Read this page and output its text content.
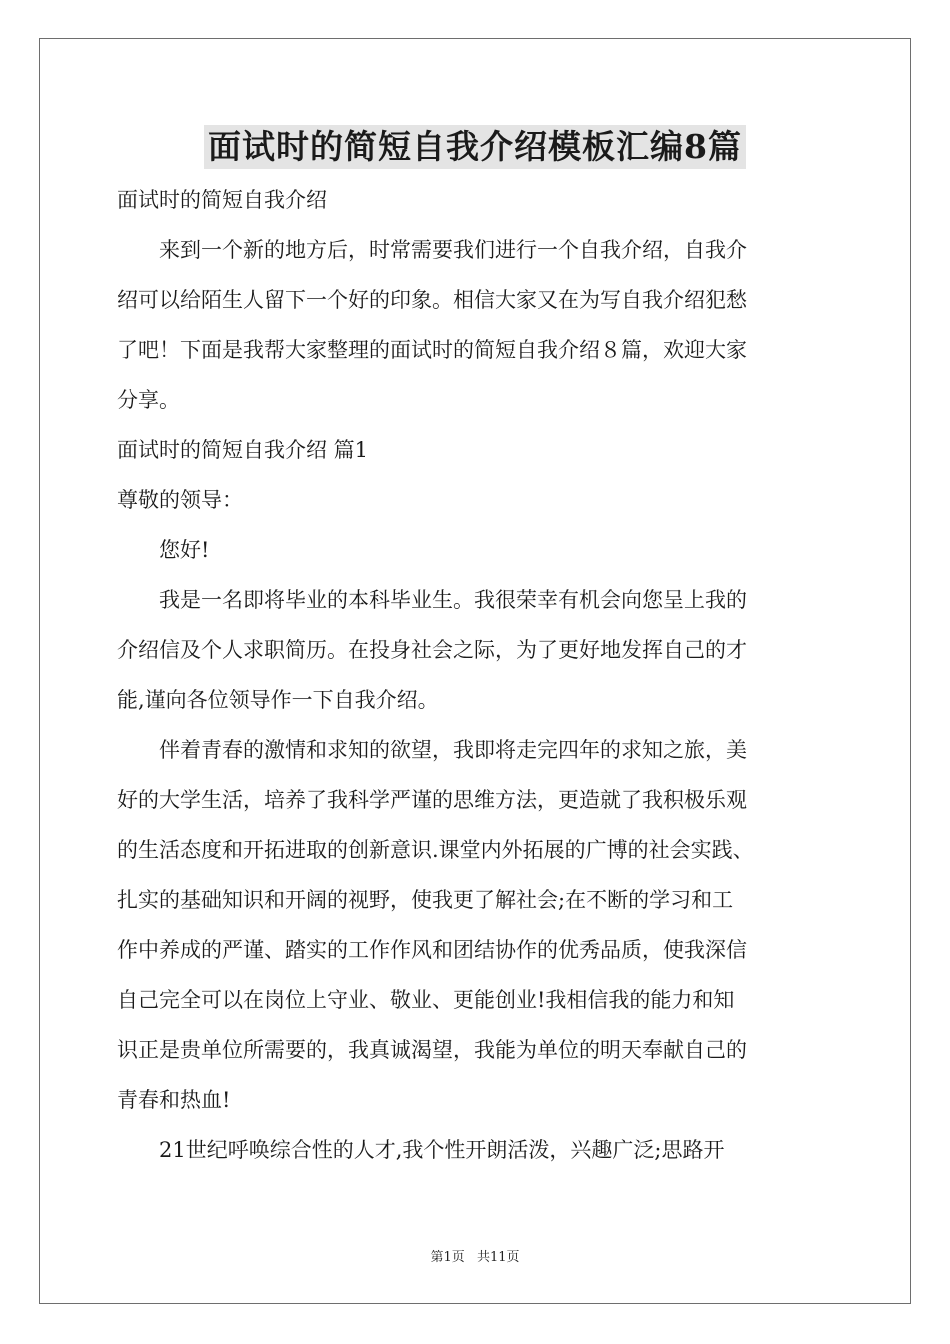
面试时的简短自我介绍模板汇编8篇

面试时的简短自我介绍

来到一个新的地方后，时常需要我们进行一个自我介绍，自我介

绍可以给陌生人留下一个好的印象。相信大家又在为写自我介绍犯愁

了吧！下面是我帮大家整理的面试时的简短自我介绍８篇，欢迎大家

分享。

面试时的简短自我介绍 篇1

尊敬的领导：

您好!

我是一名即将毕业的本科毕业生。我很荣幸有机会向您呈上我的

介绍信及个人求职简历。在投身社会之际，为了更好地发挥自己的才

能,谨向各位领导作一下自我介绍。

伴着青春的激情和求知的欲望，我即将走完四年的求知之旅，美

好的大学生活，培养了我科学严谨的思维方法，更造就了我积极乐观

的生活态度和开拓进取的创新意识.课堂内外拓展的广博的社会实践、

扎实的基础知识和开阔的视野，使我更了解社会;在不断的学习和工

作中养成的严谨、踏实的工作作风和团结协作的优秀品质，使我深信

自己完全可以在岗位上守业、敬业、更能创业!我相信我的能力和知

识正是贵单位所需要的，我真诚渴望，我能为单位的明天奉献自己的

青春和热血!

21世纪呼唤综合性的人才,我个性开朗活泼，兴趣广泛;思路开

第1页 共11页
